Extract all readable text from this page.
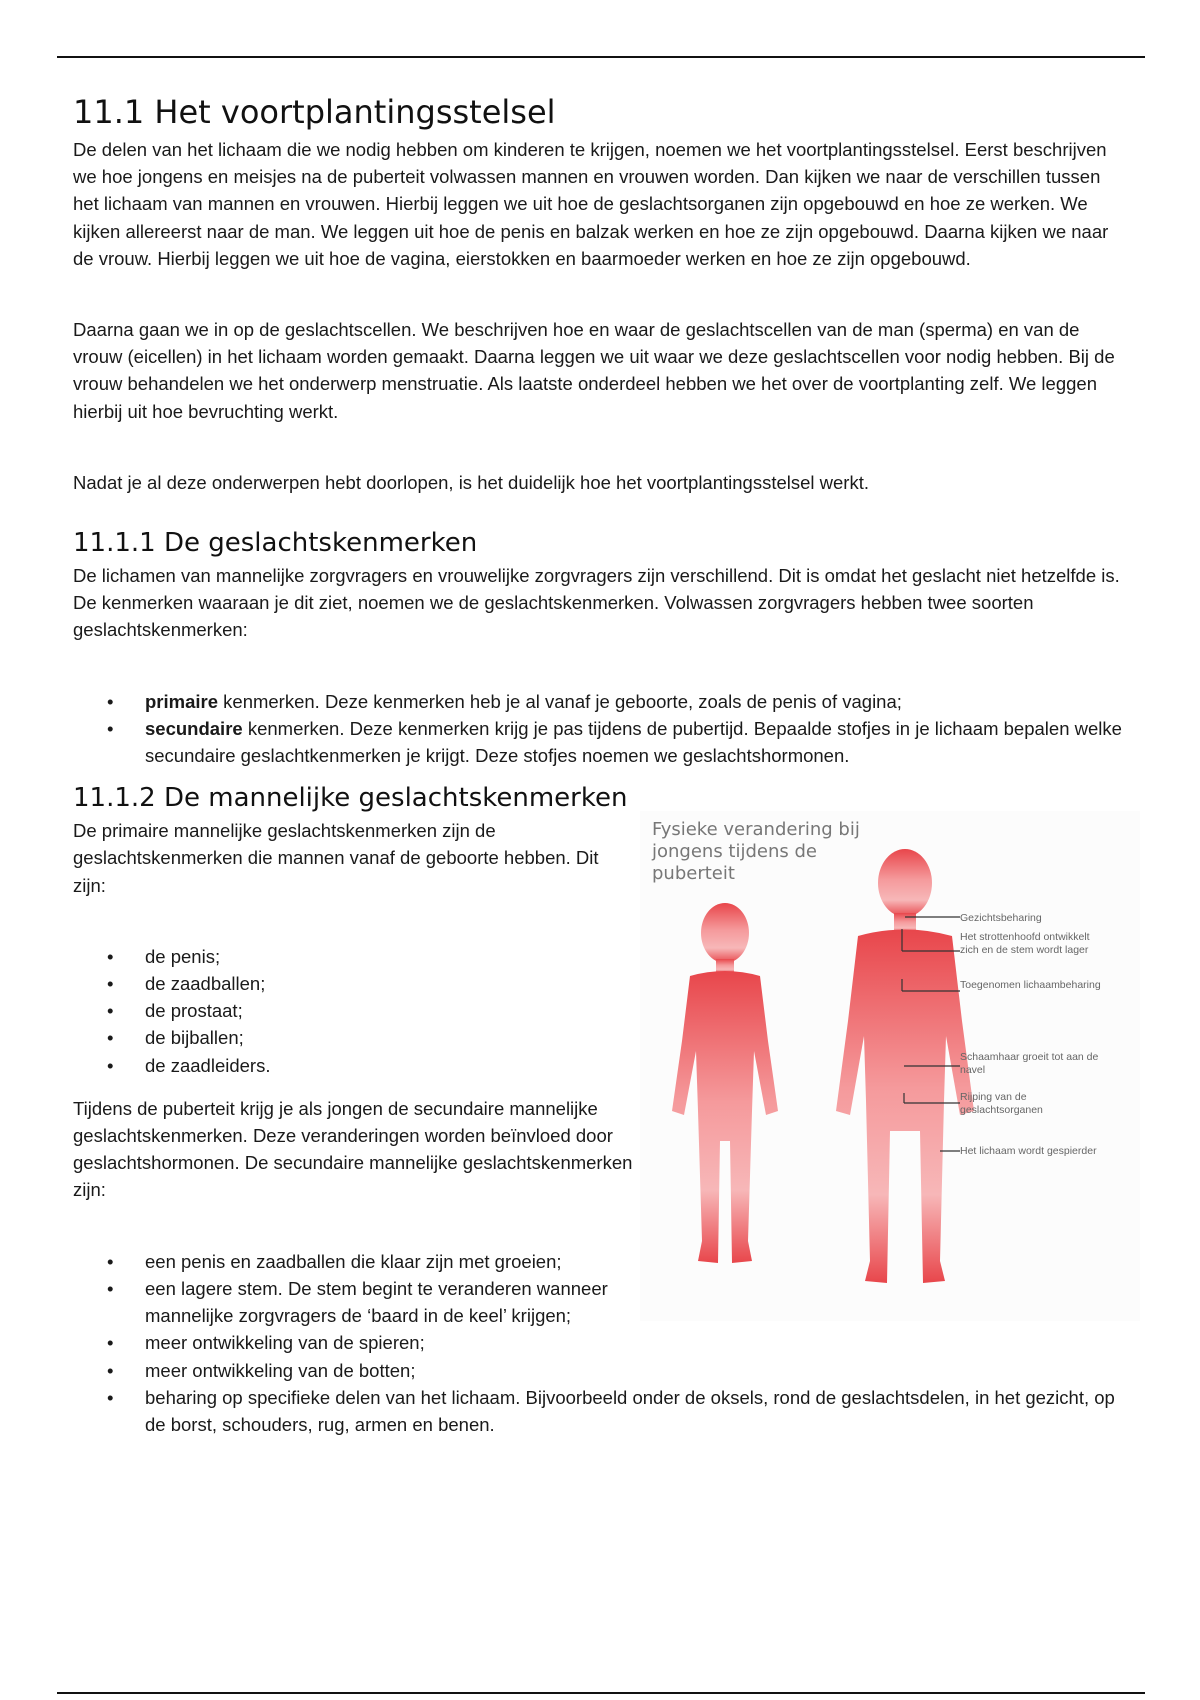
11.1 Het voortplantingsstelsel

De delen van het lichaam die we nodig hebben om kinderen te krijgen, noemen we het voortplantingsstelsel. Eerst beschrijven we hoe jongens en meisjes na de puberteit volwassen mannen en vrouwen worden. Dan kijken we naar de verschillen tussen het lichaam van mannen en vrouwen. Hierbij leggen we uit hoe de geslachtsorganen zijn opgebouwd en hoe ze werken. We kijken allereerst naar de man. We leggen uit hoe de penis en balzak werken en hoe ze zijn opgebouwd. Daarna kijken we naar de vrouw. Hierbij leggen we uit hoe de vagina, eierstokken en baarmoeder werken en hoe ze zijn opgebouwd.

Daarna gaan we in op de geslachtscellen. We beschrijven hoe en waar de geslachtscellen van de man (sperma) en van de vrouw (eicellen) in het lichaam worden gemaakt. Daarna leggen we uit waar we deze geslachtscellen voor nodig hebben. Bij de vrouw behandelen we het onderwerp menstruatie. Als laatste onderdeel hebben we het over de voortplanting zelf. We leggen hierbij uit hoe bevruchting werkt.

Nadat je al deze onderwerpen hebt doorlopen, is het duidelijk hoe het voortplantingsstelsel werkt.

11.1.1 De geslachtskenmerken

De lichamen van mannelijke zorgvragers en vrouwelijke zorgvragers zijn verschillend. Dit is omdat het geslacht niet hetzelfde is. De kenmerken waaraan je dit ziet, noemen we de geslachtskenmerken. Volwassen zorgvragers hebben twee soorten geslachtskenmerken:

• primaire kenmerken. Deze kenmerken heb je al vanaf je geboorte, zoals de penis of vagina;
• secundaire kenmerken. Deze kenmerken krijg je pas tijdens de pubertijd. Bepaalde stofjes in je lichaam bepalen welke secundaire geslachtkenmerken je krijgt. Deze stofjes noemen we geslachtshormonen.
11.1.2 De mannelijke geslachtskenmerken

De primaire mannelijke geslachtskenmerken zijn de geslachtskenmerken die mannen vanaf de geboorte hebben. Dit zijn:

• de penis;
• de zaadballen;
• de prostaat;
• de bijballen;
• de zaadleiders.

Tijdens de puberteit krijg je als jongen de secundaire mannelijke geslachtskenmerken. Deze veranderingen worden beïnvloed door geslachtshormonen. De secundaire mannelijke geslachtskenmerken zijn:

• een penis en zaadballen die klaar zijn met groeien;
• een lagere stem. De stem begint te veranderen wanneer mannelijke zorgvragers de ‘baard in de keel’ krijgen;
• meer ontwikkeling van de spieren;
• meer ontwikkeling van de botten;
• beharing op specifieke delen van het lichaam. Bijvoorbeeld onder de oksels, rond de geslachtsdelen, in het gezicht, op de borst, schouders, rug, armen en benen.
Fysieke verandering bij jongens tijdens de puberteit
Gezichtsbeharing
Het strottenhoofd ontwikkelt zich en de stem wordt lager
Toegenomen lichaambeharing
Schaamhaar groeit tot aan de navel
Rijping van de geslachtsorganen
Het lichaam wordt gespierder
